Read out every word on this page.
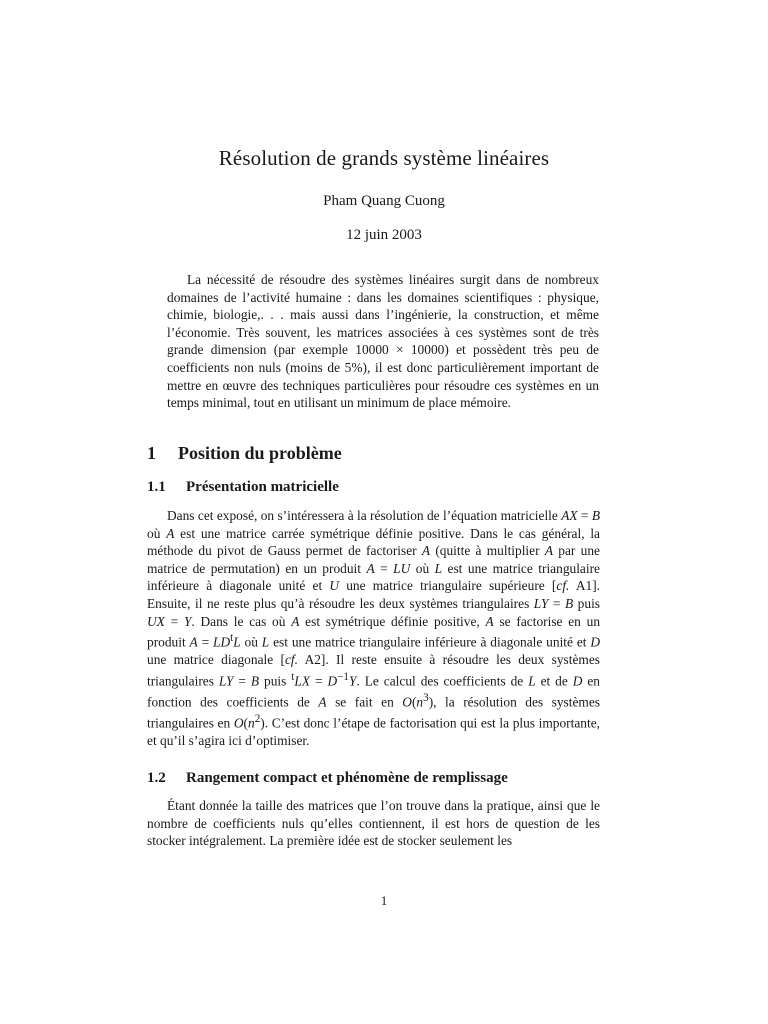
Résolution de grands système linéaires
Pham Quang Cuong
12 juin 2003

La nécessité de résoudre des systèmes linéaires surgit dans de nombreux domaines de l’activité humaine : dans les domaines scientifiques : physique, chimie, biologie,. . . mais aussi dans l’ingénierie, la construction, et même l’économie. Très souvent, les matrices associées à ces systèmes sont de très grande dimension (par exemple 10000 × 10000) et possèdent très peu de coefficients non nuls (moins de 5%), il est donc particulièrement important de mettre en œuvre des techniques particulières pour résoudre ces systèmes en un temps minimal, tout en utilisant un minimum de place mémoire.

1 Position du problème
1.1 Présentation matricielle

Dans cet exposé, on s’intéressera à la résolution de l’équation matricielle AX = B où A est une matrice carrée symétrique définie positive. Dans le cas général, la méthode du pivot de Gauss permet de factoriser A (quitte à multiplier A par une matrice de permutation) en un produit A = LU où L est une matrice triangulaire inférieure à diagonale unité et U une matrice triangulaire supérieure [cf. A1]. Ensuite, il ne reste plus qu’à résoudre les deux systèmes triangulaires LY = B puis UX = Y. Dans le cas où A est symétrique définie positive, A se factorise en un produit $A = LD^tL$ où L est une matrice triangulaire inférieure à diagonale unité et D une matrice diagonale [cf. A2]. Il reste ensuite à résoudre les deux systèmes triangulaires LY = B puis $^tLX = D^{-1}Y$. Le calcul des coefficients de L et de D en fonction des coefficients de A se fait en $O(n^3)$, la résolution des systèmes triangulaires en $O(n^2)$. C’est donc l’étape de factorisation qui est la plus importante, et qu’il s’agira ici d’optimiser.

1.2 Rangement compact et phénomène de remplissage

Étant donnée la taille des matrices que l’on trouve dans la pratique, ainsi que le nombre de coefficients nuls qu’elles contiennent, il est hors de question de les stocker intégralement. La première idée est de stocker seulement les

1
